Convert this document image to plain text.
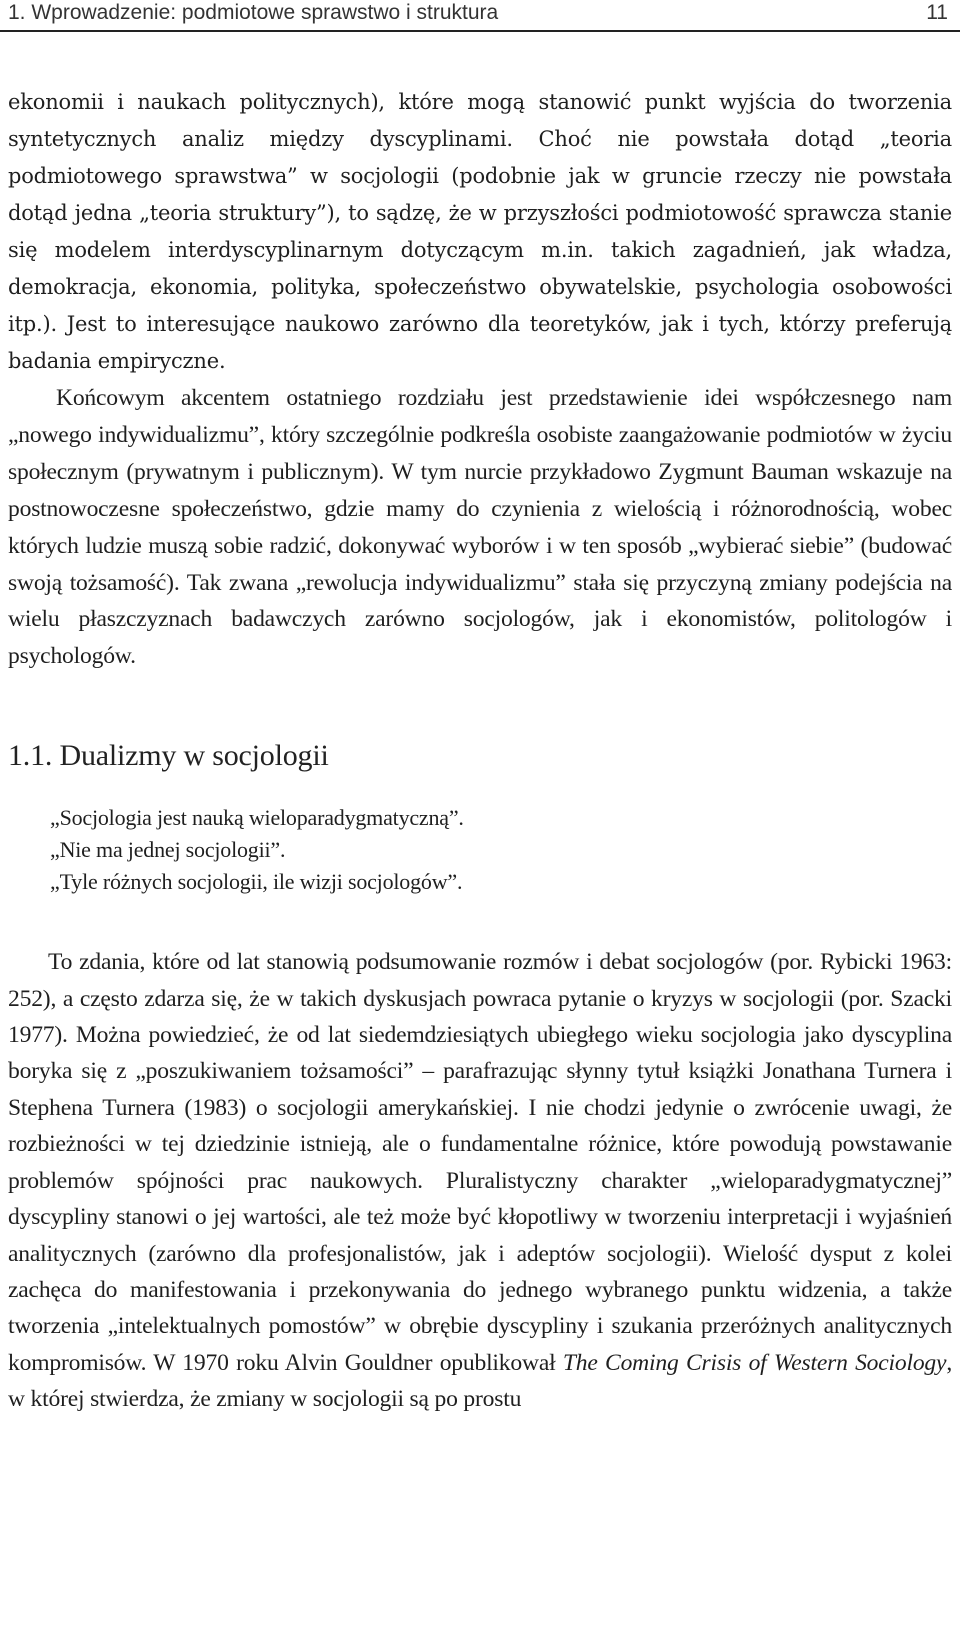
1. Wprowadzenie: podmiotowe sprawstwo i struktura	11

ekonomii i naukach politycznych), które mogą stanowić punkt wyjścia do tworzenia syntetycznych analiz między dyscyplinami. Choć nie powstała dotąd „teoria podmiotowego sprawstwa” w socjologii (podobnie jak w gruncie rzeczy nie powstała dotąd jedna „teoria struktury”), to sądzę, że w przyszłości podmiotowość sprawcza stanie się modelem interdyscyplinarnym dotyczącym m.in. takich zagadnień, jak władza, demokracja, ekonomia, polityka, społeczeństwo obywatelskie, psychologia osobowości itp.). Jest to interesujące naukowo zarówno dla teoretyków, jak i tych, którzy preferują badania empiryczne.

Końcowym akcentem ostatniego rozdziału jest przedstawienie idei współczesnego nam „nowego indywidualizmu”, który szczególnie podkreśla osobiste zaangażowanie podmiotów w życiu społecznym (prywatnym i publicznym). W tym nurcie przykładowo Zygmunt Bauman wskazuje na postnowoczesne społeczeństwo, gdzie mamy do czynienia z wielością i różnorodnością, wobec których ludzie muszą sobie radzić, dokonywać wyborów i w ten sposób „wybierać siebie” (budować swoją tożsamość). Tak zwana „rewolucja indywidualizmu” stała się przyczyną zmiany podejścia na wielu płaszczyznach badawczych zarówno socjologów, jak i ekonomistów, politologów i psychologów.

1.1. Dualizmy w socjologii
„Socjologia jest nauką wieloparadygmatyczną”.
„Nie ma jednej socjologii”.
„Tyle różnych socjologii, ile wizji socjologów”.

To zdania, które od lat stanowią podsumowanie rozmów i debat socjologów (por. Rybicki 1963: 252), a często zdarza się, że w takich dyskusjach powraca pytanie o kryzys w socjologii (por. Szacki 1977). Można powiedzieć, że od lat siedemdziesiątych ubiegłego wieku socjologia jako dyscyplina boryka się z „poszukiwaniem tożsamości” – parafrazując słynny tytuł książki Jonathana Turnera i Stephena Turnera (1983) o socjologii amerykańskiej. I nie chodzi jedynie o zwrócenie uwagi, że rozbieżności w tej dziedzinie istnieją, ale o fundamentalne różnice, które powodują powstawanie problemów spójności prac naukowych. Pluralistyczny charakter „wieloparadygmatycznej” dyscypliny stanowi o jej wartości, ale też może być kłopotliwy w tworzeniu interpretacji i wyjaśnień analitycznych (zarówno dla profesjonalistów, jak i adeptów socjologii). Wielość dysput z kolei zachęca do manifestowania i przekonywania do jednego wybranego punktu widzenia, a także tworzenia „intelektualnych pomostów” w obrębie dyscypliny i szukania przeróżnych analitycznych kompromisów. W 1970 roku Alvin Gouldner opublikował The Coming Crisis of Western Sociology, w której stwierdza, że zmiany w socjologii są po prostu
